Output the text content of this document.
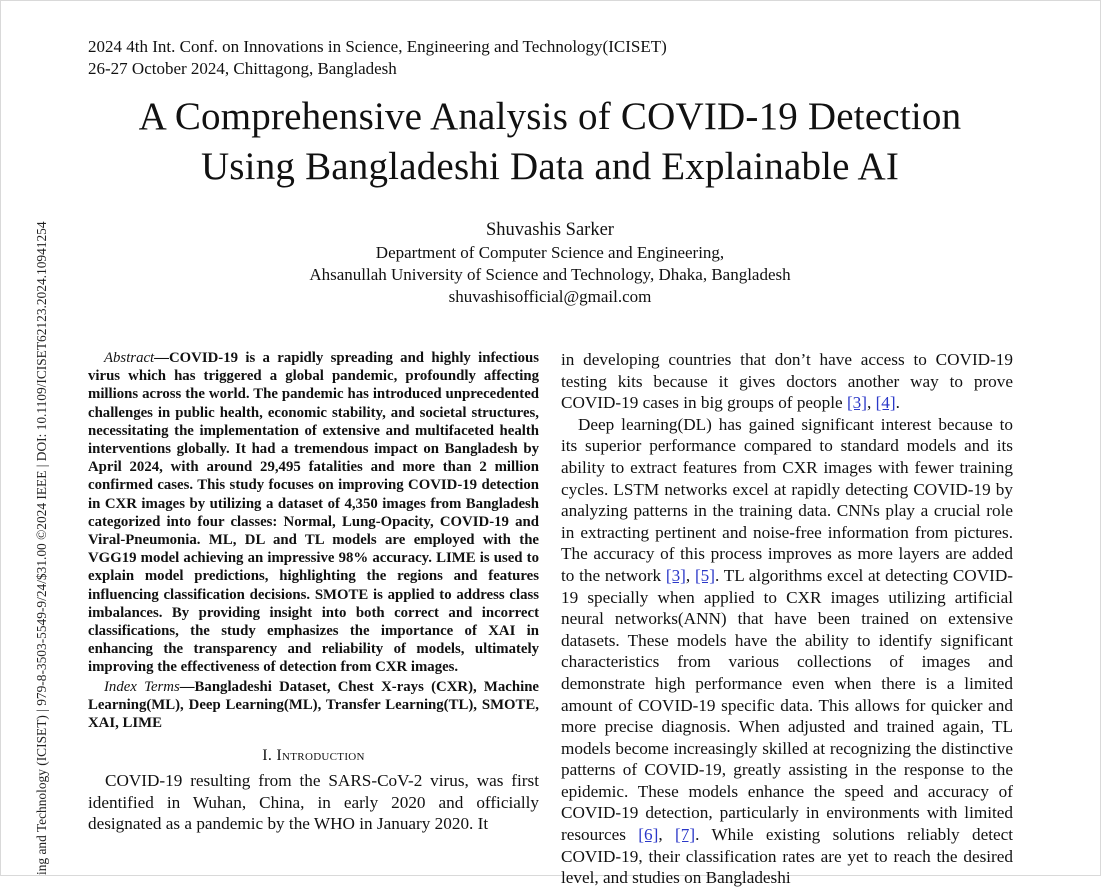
ing and Technology (ICISET) | 979-8-3503-5549-9/24/$31.00 ©2024 IEEE | DOI: 10.1109/ICISET62123.2024.10941254
2024 4th Int. Conf. on Innovations in Science, Engineering and Technology(ICISET)
26-27 October 2024, Chittagong, Bangladesh
A Comprehensive Analysis of COVID-19 Detection
Using Bangladeshi Data and Explainable AI
Shuvashis Sarker
Department of Computer Science and Engineering,
Ahsanullah University of Science and Technology, Dhaka, Bangladesh
shuvashisofficial@gmail.com

Abstract—COVID-19 is a rapidly spreading and highly infectious virus which has triggered a global pandemic, profoundly affecting millions across the world. The pandemic has introduced unprecedented challenges in public health, economic stability, and societal structures, necessitating the implementation of extensive and multifaceted health interventions globally. It had a tremendous impact on Bangladesh by April 2024, with around 29,495 fatalities and more than 2 million confirmed cases. This study focuses on improving COVID-19 detection in CXR images by utilizing a dataset of 4,350 images from Bangladesh categorized into four classes: Normal, Lung-Opacity, COVID-19 and Viral-Pneumonia. ML, DL and TL models are employed with the VGG19 model achieving an impressive 98% accuracy. LIME is used to explain model predictions, highlighting the regions and features influencing classification decisions. SMOTE is applied to address class imbalances. By providing insight into both correct and incorrect classifications, the study emphasizes the importance of XAI in enhancing the transparency and reliability of models, ultimately improving the effectiveness of detection from CXR images.

Index Terms—Bangladeshi Dataset, Chest X-rays (CXR), Machine Learning(ML), Deep Learning(ML), Transfer Learning(TL), SMOTE, XAI, LIME

I. Introduction

COVID-19 resulting from the SARS-CoV-2 virus, was first identified in Wuhan, China, in early 2020 and officially designated as a pandemic by the WHO in January 2020. It

in developing countries that don’t have access to COVID-19 testing kits because it gives doctors another way to prove COVID-19 cases in big groups of people [3], [4].

Deep learning(DL) has gained significant interest because to its superior performance compared to standard models and its ability to extract features from CXR images with fewer training cycles. LSTM networks excel at rapidly detecting COVID-19 by analyzing patterns in the training data. CNNs play a crucial role in extracting pertinent and noise-free information from pictures. The accuracy of this process improves as more layers are added to the network [3], [5]. TL algorithms excel at detecting COVID-19 specially when applied to CXR images utilizing artificial neural networks(ANN) that have been trained on extensive datasets. These models have the ability to identify significant characteristics from various collections of images and demonstrate high performance even when there is a limited amount of COVID-19 specific data. This allows for quicker and more precise diagnosis. When adjusted and trained again, TL models become increasingly skilled at recognizing the distinctive patterns of COVID-19, greatly assisting in the response to the epidemic. These models enhance the speed and accuracy of COVID-19 detection, particularly in environments with limited resources [6], [7]. While existing solutions reliably detect COVID-19, their classification rates are yet to reach the desired level, and studies on Bangladeshi
